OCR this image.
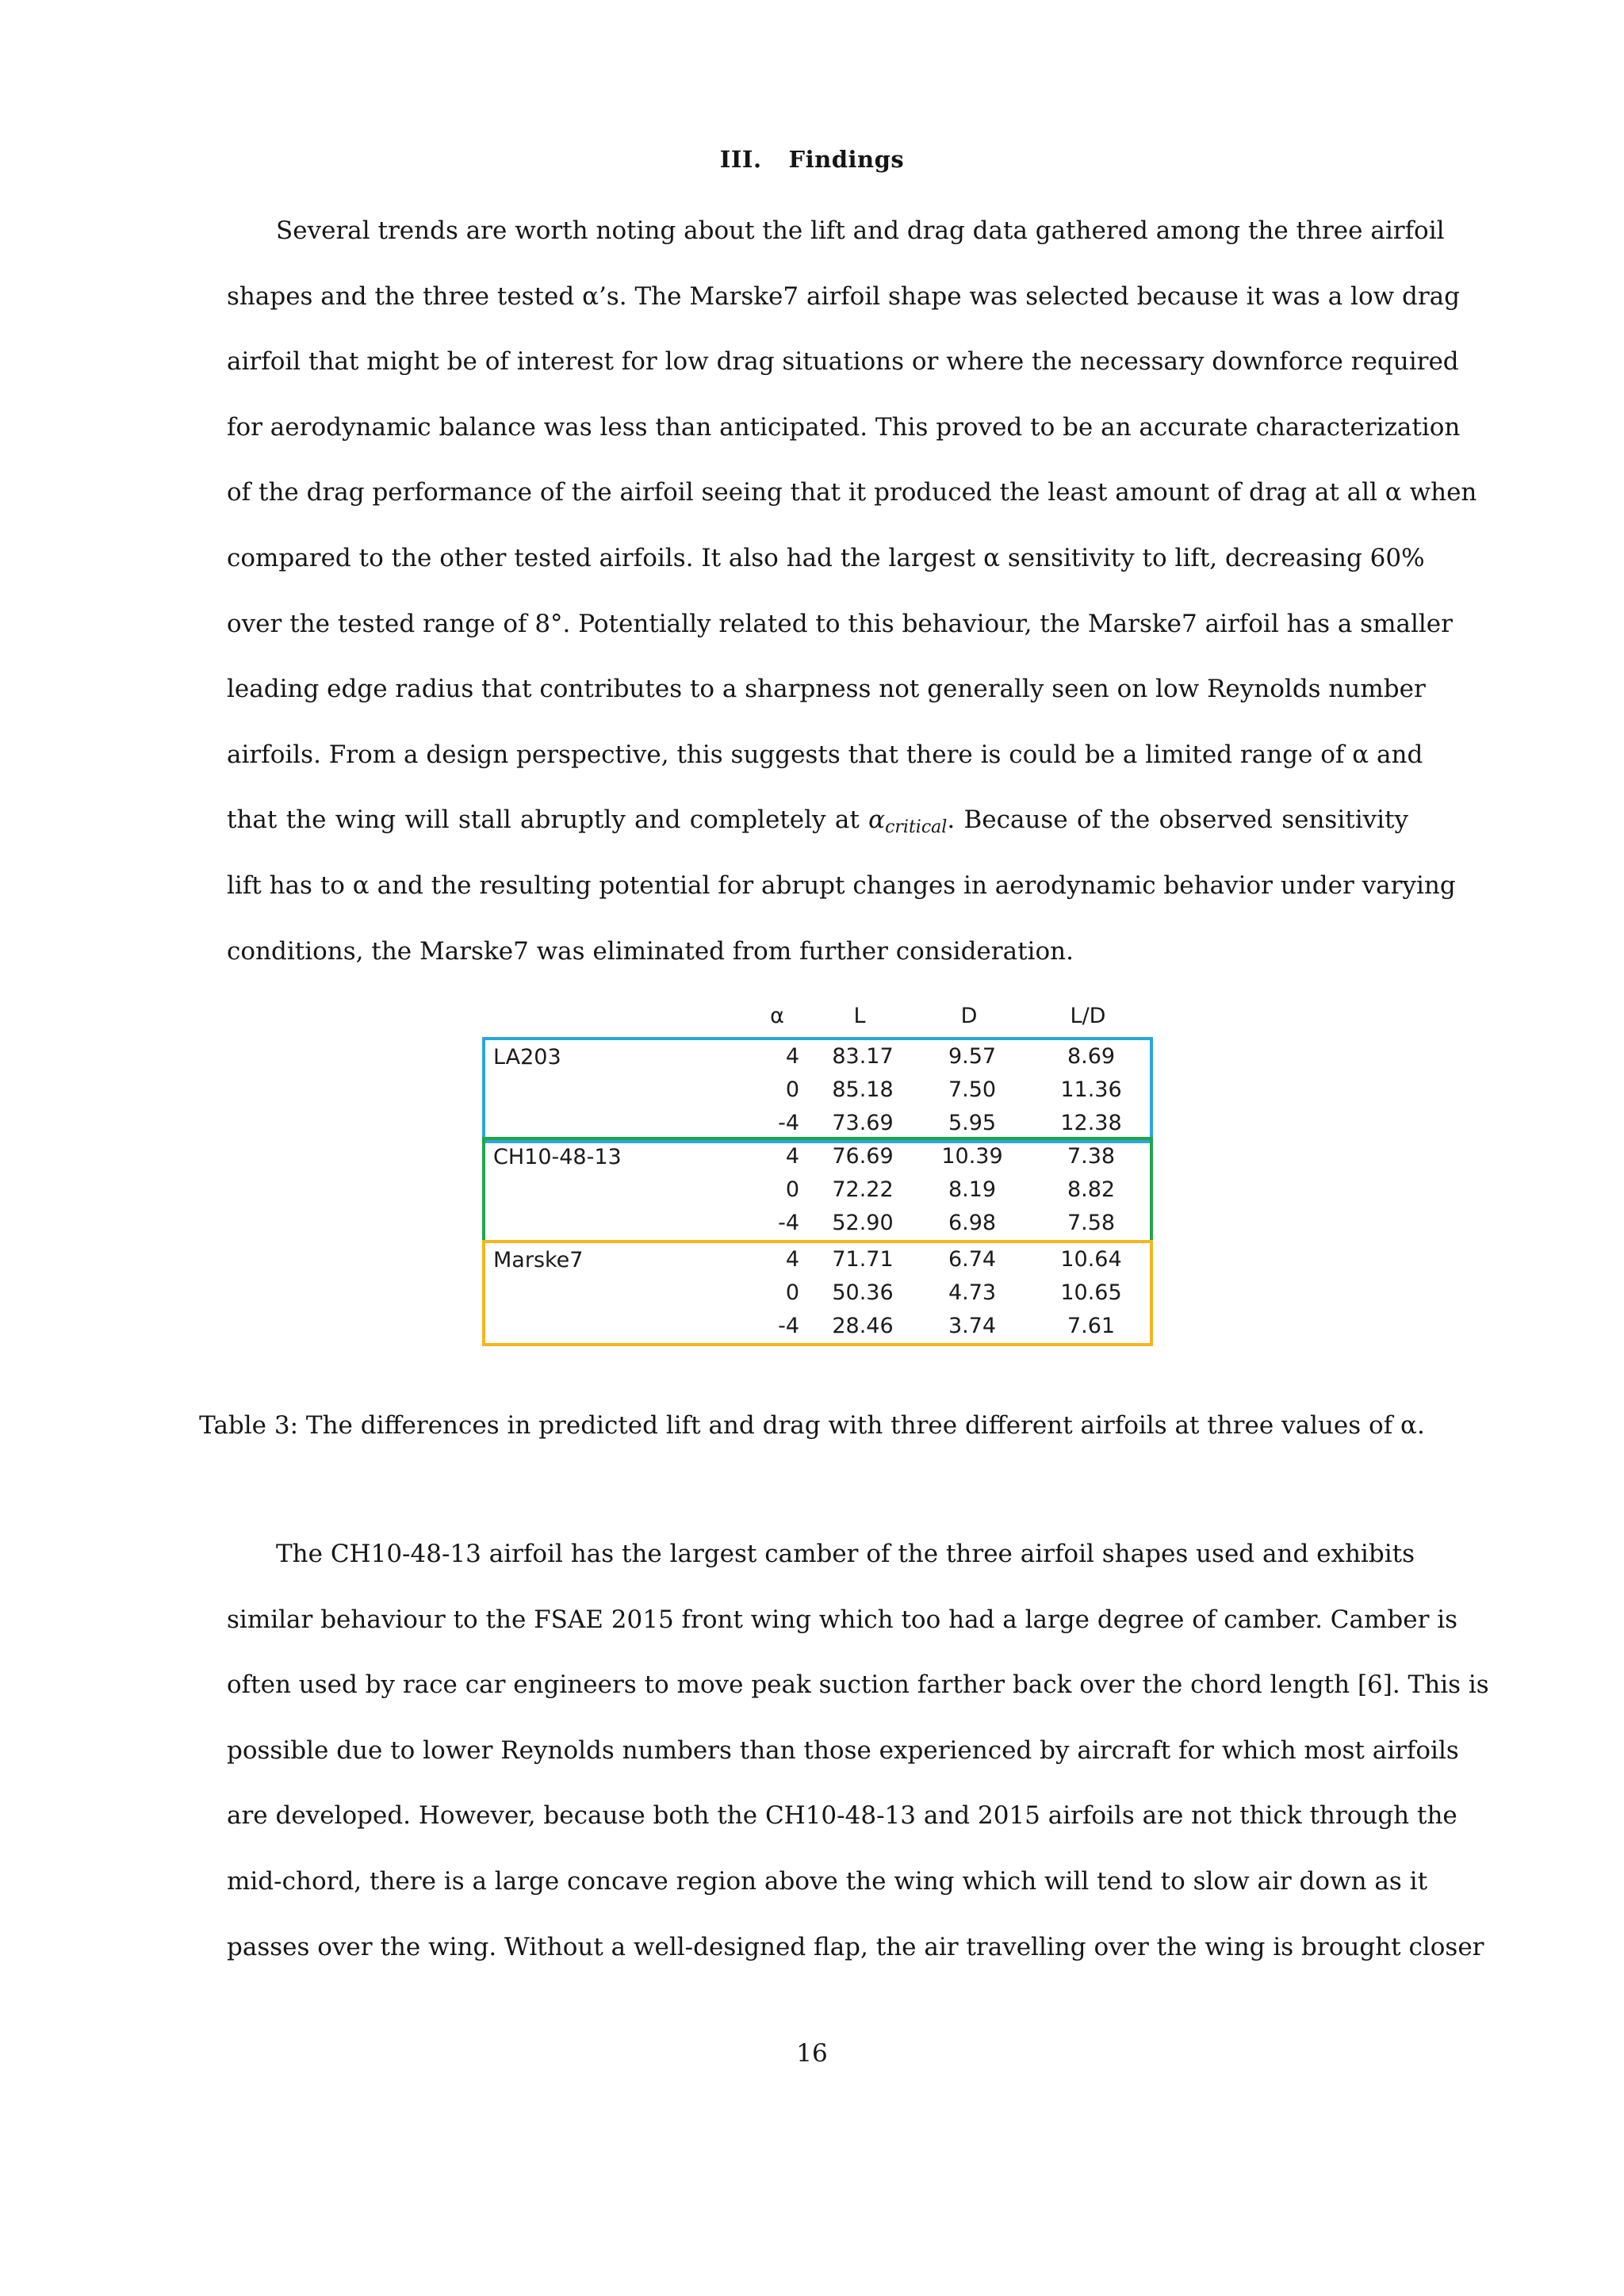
III. Findings
Several trends are worth noting about the lift and drag data gathered among the three airfoil
shapes and the three tested α’s. The Marske7 airfoil shape was selected because it was a low drag
airfoil that might be of interest for low drag situations or where the necessary downforce required
for aerodynamic balance was less than anticipated. This proved to be an accurate characterization
of the drag performance of the airfoil seeing that it produced the least amount of drag at all α when
compared to the other tested airfoils. It also had the largest α sensitivity to lift, decreasing 60%
over the tested range of 8°. Potentially related to this behaviour, the Marske7 airfoil has a smaller
leading edge radius that contributes to a sharpness not generally seen on low Reynolds number
airfoils. From a design perspective, this suggests that there is could be a limited range of α and
that the wing will stall abruptly and completely at $\alpha_{critical}$. Because of the observed sensitivity
lift has to α and the resulting potential for abrupt changes in aerodynamic behavior under varying
conditions, the Marske7 was eliminated from further consideration.
α	L	D	L/D
LA203	4	83.17	9.57	8.69
0	85.18	7.50	11.36
-4	73.69	5.95	12.38
CH10-48-13	4	76.69	10.39	7.38
0	72.22	8.19	8.82
-4	52.90	6.98	7.58
Marske7	4	71.71	6.74	10.64
0	50.36	4.73	10.65
-4	28.46	3.74	7.61
Table 3: The differences in predicted lift and drag with three different airfoils at three values of α.
The CH10-48-13 airfoil has the largest camber of the three airfoil shapes used and exhibits
similar behaviour to the FSAE 2015 front wing which too had a large degree of camber. Camber is
often used by race car engineers to move peak suction farther back over the chord length [6]. This is
possible due to lower Reynolds numbers than those experienced by aircraft for which most airfoils
are developed. However, because both the CH10-48-13 and 2015 airfoils are not thick through the
mid-chord, there is a large concave region above the wing which will tend to slow air down as it
passes over the wing. Without a well-designed flap, the air travelling over the wing is brought closer
16
